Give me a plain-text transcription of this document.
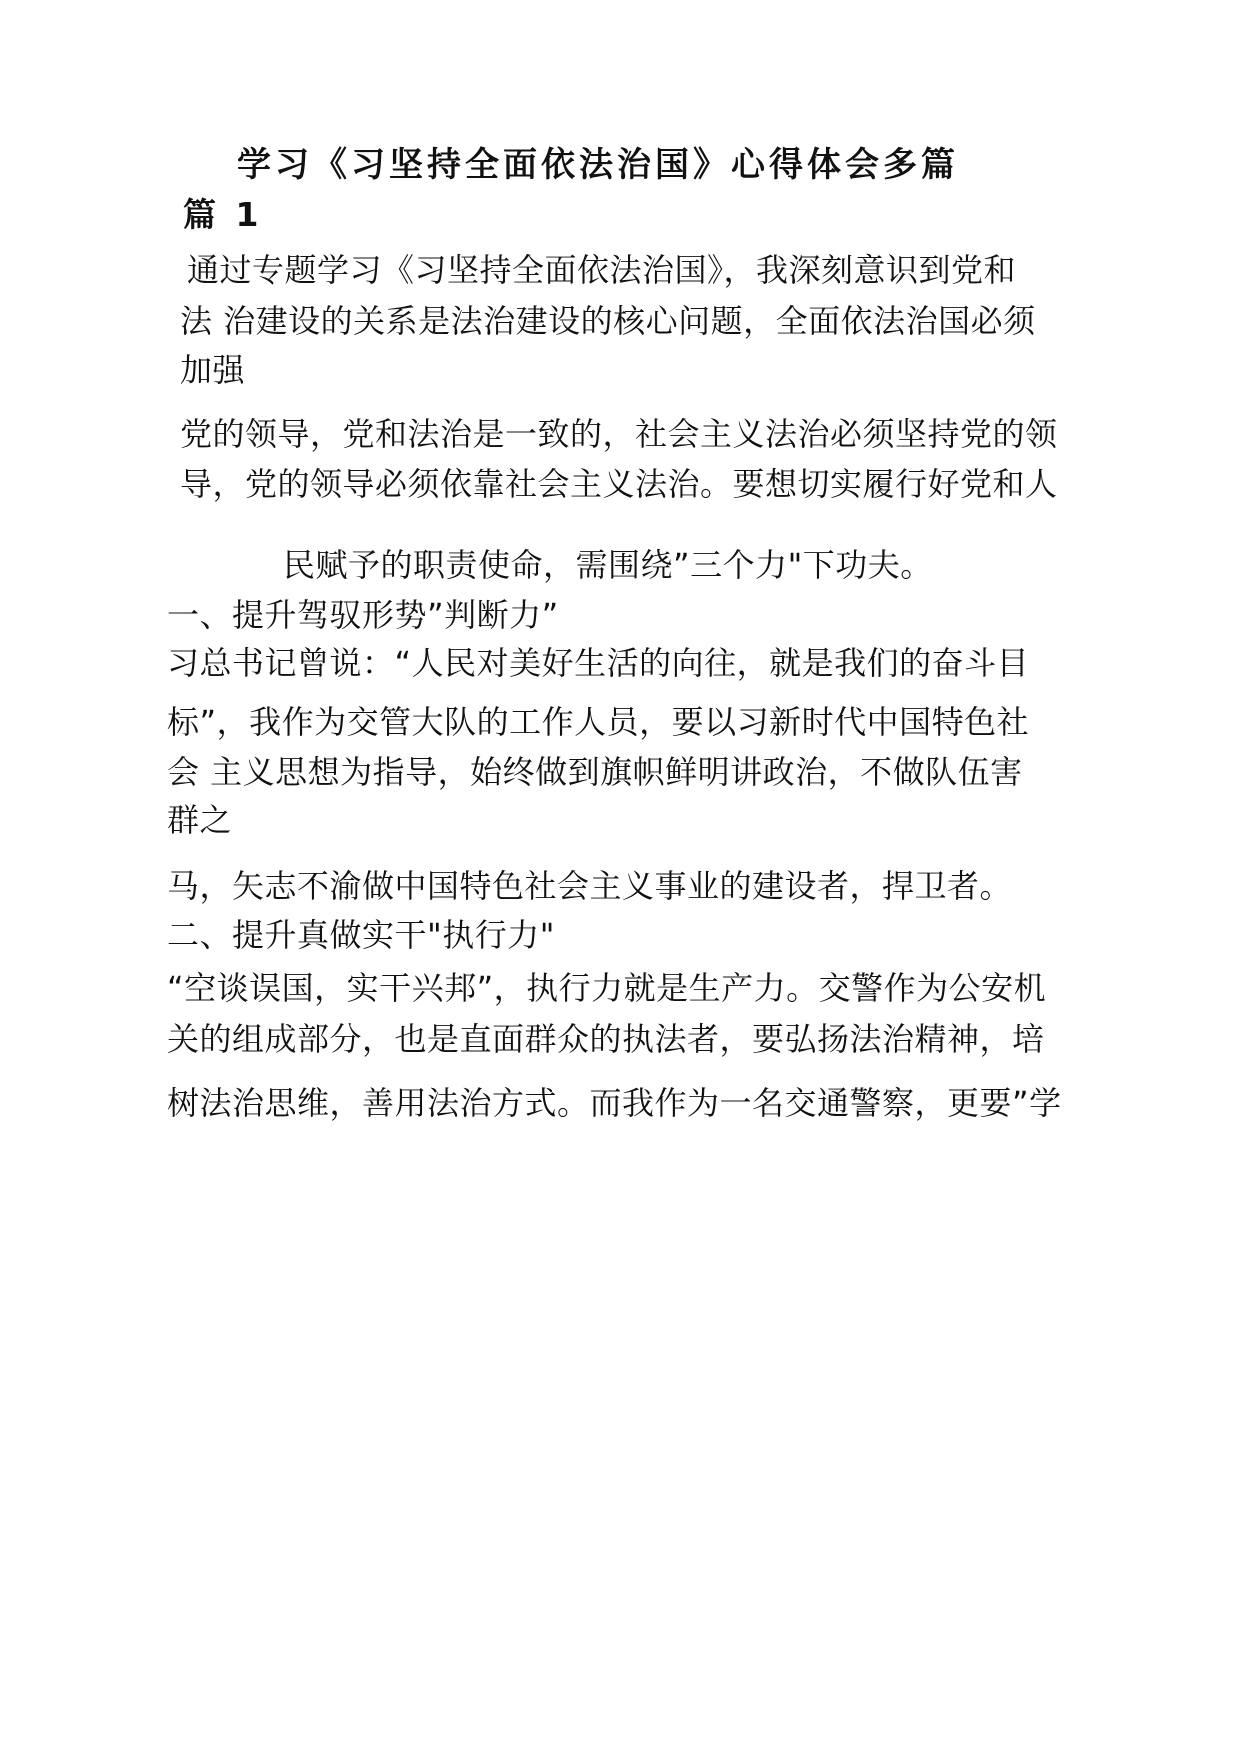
学习《习坚持全面依法治国》心得体会多篇
篇 1
通过专题学习《习坚持全面依法治国》，我深刻意识到党和
法 治建设的关系是法治建设的核心问题，全面依法治国必须
加强
党的领导，党和法治是一致的，社会主义法治必须坚持党的领
导，党的领导必须依靠社会主义法治。要想切实履行好党和人
民赋予的职责使命，需围绕”三个力"下功夫。
一、提升驾驭形势”判断力”
习总书记曾说：“人民对美好生活的向往，就是我们的奋斗目
标”，我作为交管大队的工作人员，要以习新时代中国特色社
会 主义思想为指导，始终做到旗帜鲜明讲政治，不做队伍害
群之
马，矢志不渝做中国特色社会主义事业的建设者，捍卫者。
二、提升真做实干"执行力"
“空谈误国，实干兴邦”，执行力就是生产力。交警作为公安机
关的组成部分，也是直面群众的执法者，要弘扬法治精神，培
树法治思维，善用法治方式。而我作为一名交通警察，更要”学
